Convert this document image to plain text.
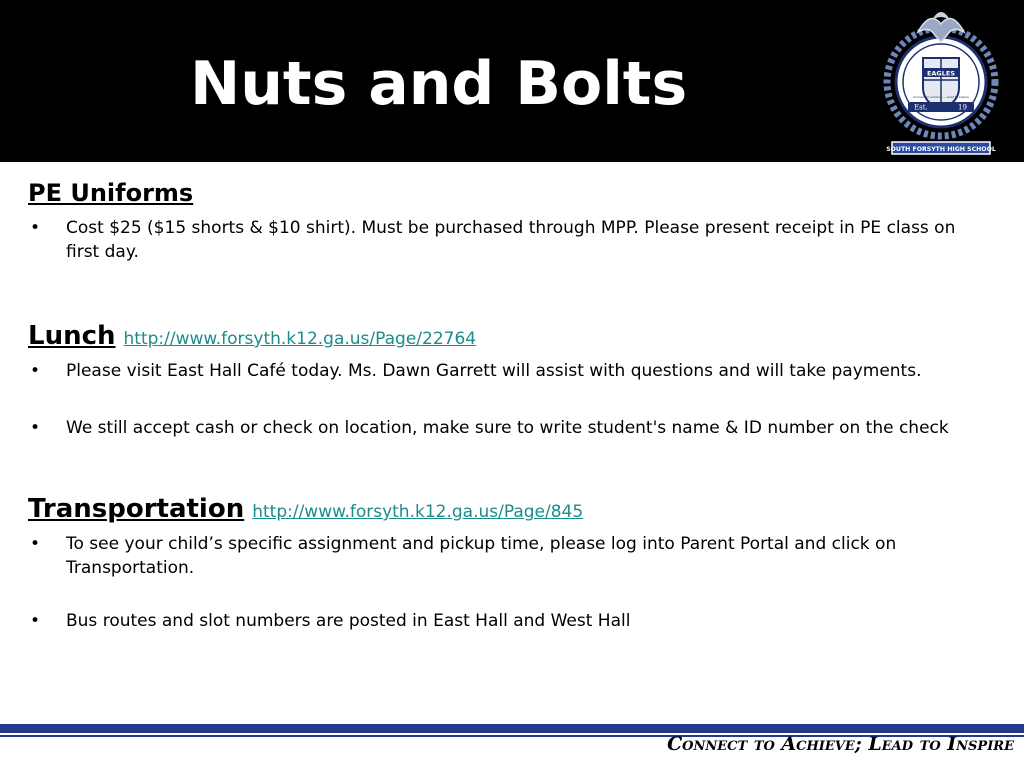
Nuts and Bolts	EAGLES
Connect to Achieve ~ Lead to Inspire
Est.	19
SOUTH FORSYTH HIGH SCHOOL
PE Uniforms
• Cost $25 ($15 shorts & $10 shirt). Must be purchased through MPP. Please present receipt in PE class on first day.
Lunch http://www.forsyth.k12.ga.us/Page/22764
• Please visit East Hall Café today. Ms. Dawn Garrett will assist with questions and will take payments.
• We still accept cash or check on location, make sure to write student's name & ID number on the check
Transportation http://www.forsyth.k12.ga.us/Page/845
• To see your child’s specific assignment and pickup time, please log into Parent Portal and click on Transportation.
• Bus routes and slot numbers are posted in East Hall and West Hall
Connect to Achieve; Lead to Inspire
